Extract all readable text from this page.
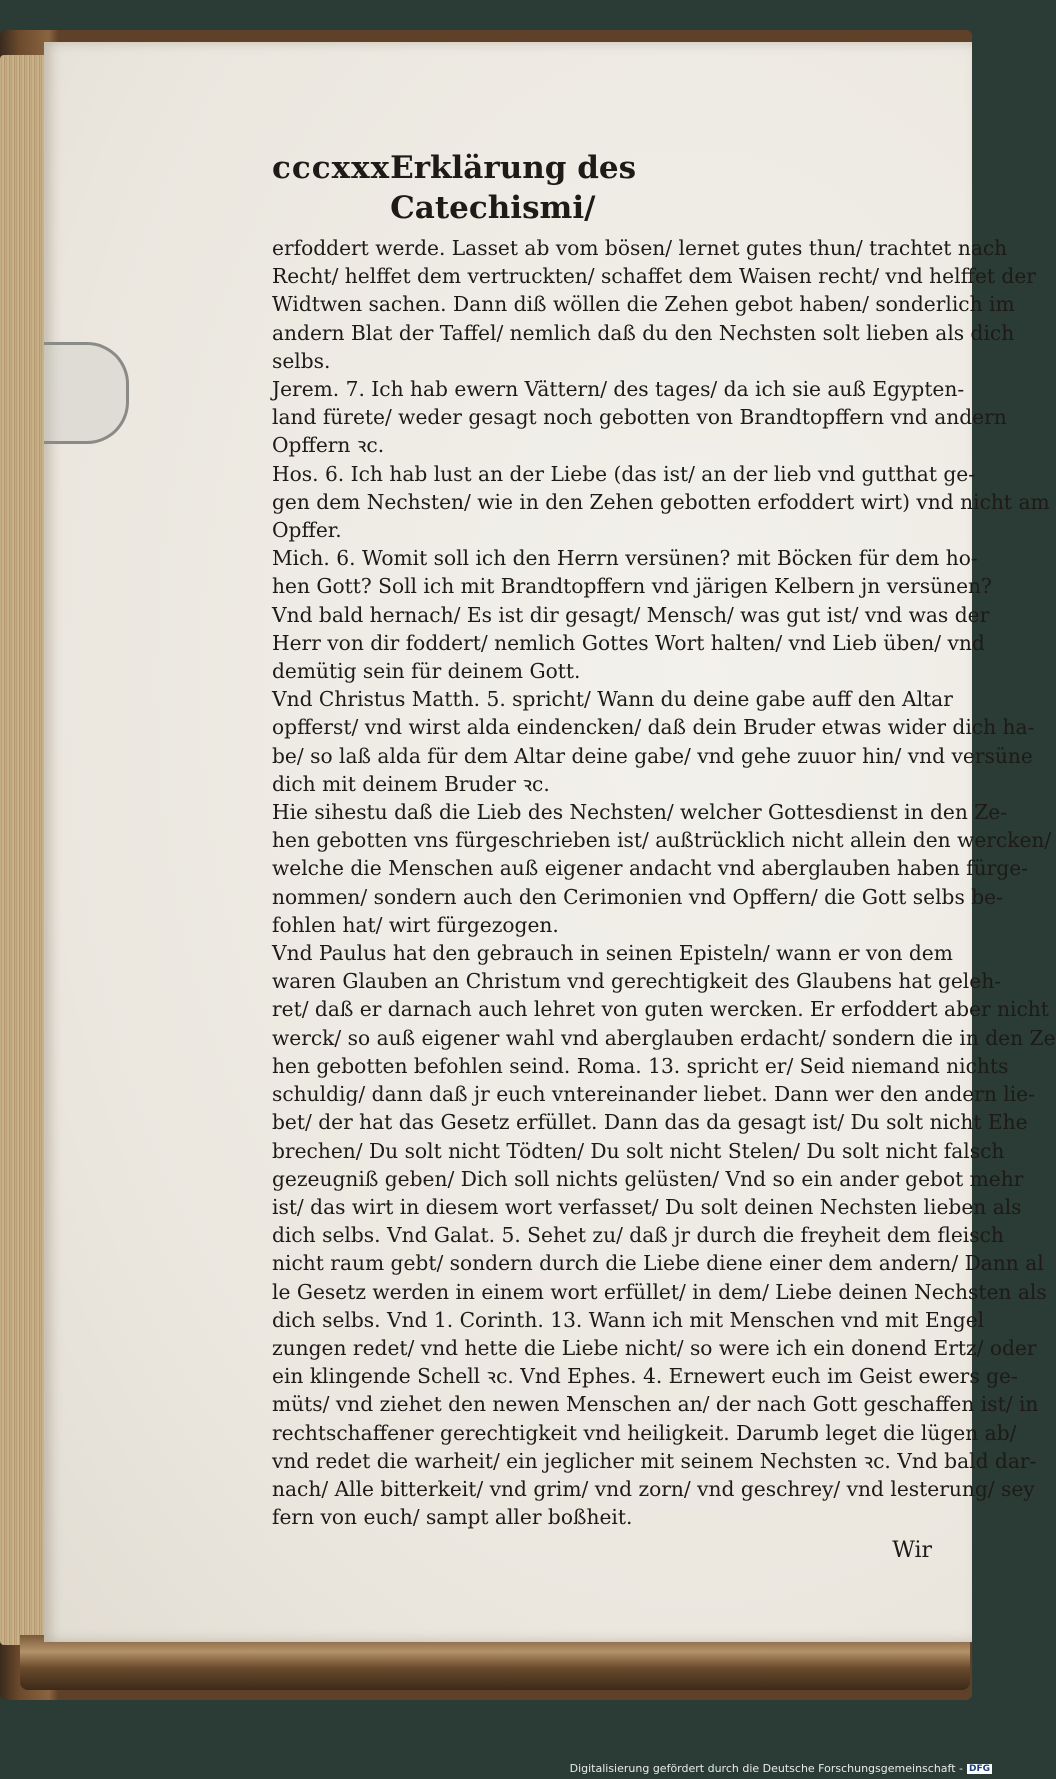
cccxxx Erklärung des Catechismi/
erfoddert werde. Lasset ab vom bösen/ lernet gutes thun/ trachtet nach
Recht/ helffet dem vertruckten/ schaffet dem Waisen recht/ vnd helffet der
Widtwen sachen. Dann diß wöllen die Zehen gebot haben/ sonderlich im
andern Blat der Taffel/ nemlich daß du den Nechsten solt lieben als dich
selbs.
Jerem. 7. Ich hab ewern Vättern/ des tages/ da ich sie auß Egypten-
land fürete/ weder gesagt noch gebotten von Brandtopffern vnd andern
Opffern ꝛc.
Hos. 6. Ich hab lust an der Liebe (das ist/ an der lieb vnd gutthat ge-
gen dem Nechsten/ wie in den Zehen gebotten erfoddert wirt) vnd nicht am
Opffer.
Mich. 6. Womit soll ich den Herrn versünen? mit Böcken für dem ho-
hen Gott? Soll ich mit Brandtopffern vnd järigen Kelbern jn versünen?
Vnd bald hernach/ Es ist dir gesagt/ Mensch/ was gut ist/ vnd was der
Herr von dir foddert/ nemlich Gottes Wort halten/ vnd Lieb üben/ vnd
demütig sein für deinem Gott.
Vnd Christus Matth. 5. spricht/ Wann du deine gabe auff den Altar
opfferst/ vnd wirst alda eindencken/ daß dein Bruder etwas wider dich ha-
be/ so laß alda für dem Altar deine gabe/ vnd gehe zuuor hin/ vnd versüne
dich mit deinem Bruder ꝛc.
Hie sihestu daß die Lieb des Nechsten/ welcher Gottesdienst in den Ze-
hen gebotten vns fürgeschrieben ist/ außtrücklich nicht allein den wercken/
welche die Menschen auß eigener andacht vnd aberglauben haben fürge-
nommen/ sondern auch den Cerimonien vnd Opffern/ die Gott selbs be-
fohlen hat/ wirt fürgezogen.
Vnd Paulus hat den gebrauch in seinen Episteln/ wann er von dem
waren Glauben an Christum vnd gerechtigkeit des Glaubens hat geleh-
ret/ daß er darnach auch lehret von guten wercken. Er erfoddert aber nicht
werck/ so auß eigener wahl vnd aberglauben erdacht/ sondern die in den Ze
hen gebotten befohlen seind. Roma. 13. spricht er/ Seid niemand nichts
schuldig/ dann daß jr euch vntereinander liebet. Dann wer den andern lie-
bet/ der hat das Gesetz erfüllet. Dann das da gesagt ist/ Du solt nicht Ehe
brechen/ Du solt nicht Tödten/ Du solt nicht Stelen/ Du solt nicht falsch
gezeugniß geben/ Dich soll nichts gelüsten/ Vnd so ein ander gebot mehr
ist/ das wirt in diesem wort verfasset/ Du solt deinen Nechsten lieben als
dich selbs. Vnd Galat. 5. Sehet zu/ daß jr durch die freyheit dem fleisch
nicht raum gebt/ sondern durch die Liebe diene einer dem andern/ Dann al
le Gesetz werden in einem wort erfüllet/ in dem/ Liebe deinen Nechsten als
dich selbs. Vnd 1. Corinth. 13. Wann ich mit Menschen vnd mit Engel
zungen redet/ vnd hette die Liebe nicht/ so were ich ein donend Ertz/ oder
ein klingende Schell ꝛc. Vnd Ephes. 4. Ernewert euch im Geist ewers ge-
müts/ vnd ziehet den newen Menschen an/ der nach Gott geschaffen ist/ in
rechtschaffener gerechtigkeit vnd heiligkeit. Darumb leget die lügen ab/
vnd redet die warheit/ ein jeglicher mit seinem Nechsten ꝛc. Vnd bald dar-
nach/ Alle bitterkeit/ vnd grim/ vnd zorn/ vnd geschrey/ vnd lesterung/ sey
fern von euch/ sampt aller boßheit.
Wir
Digitalisierung gefördert durch die Deutsche Forschungsgemeinschaft - DFG
